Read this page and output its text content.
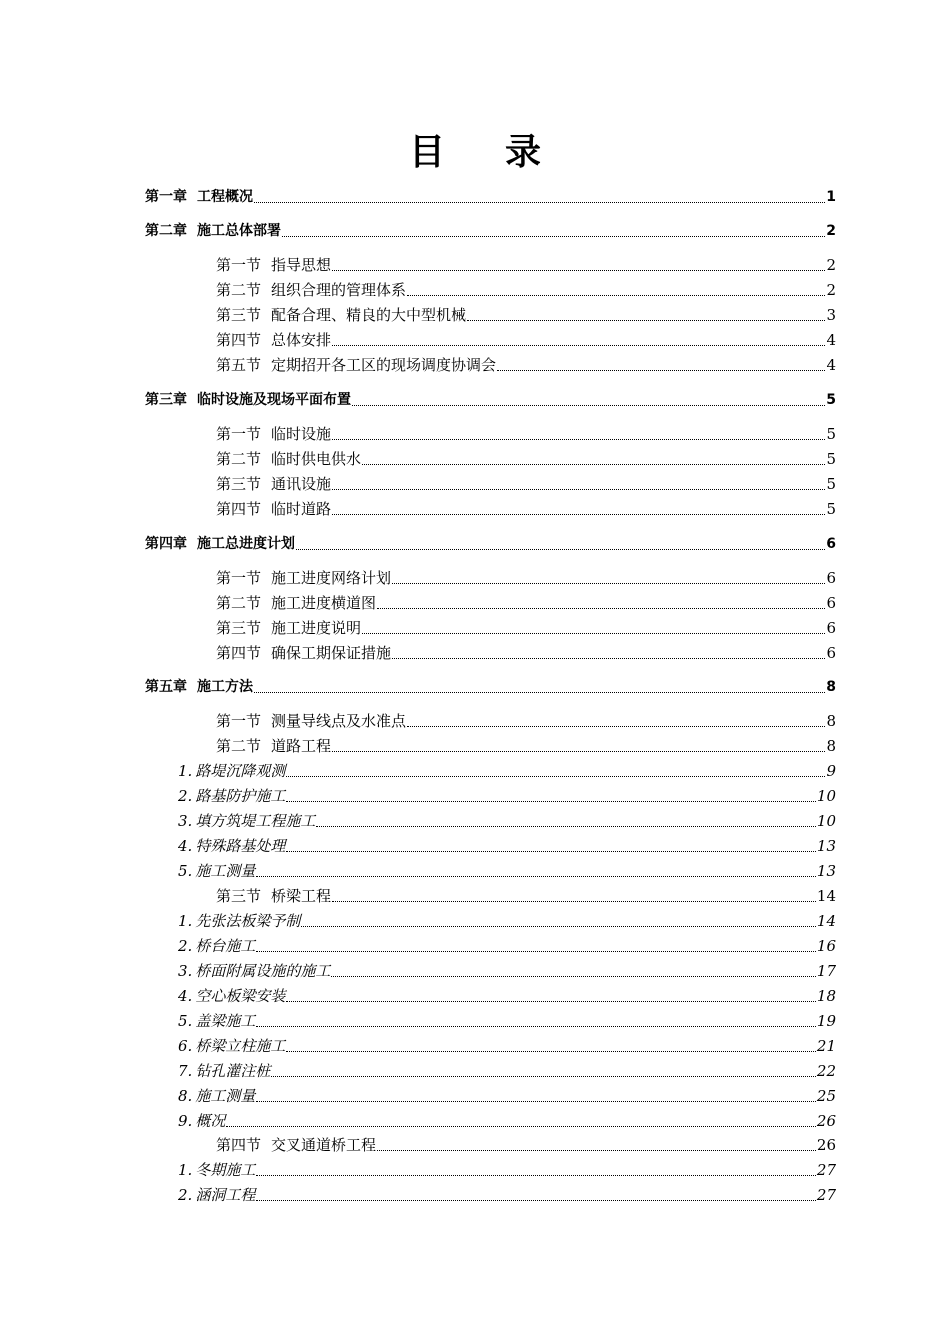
目 录
第一章 工程概况	1
第二章 施工总体部署	2
第一节 指导思想	2
第二节 组织合理的管理体系	2
第三节 配备合理、精良的大中型机械	3
第四节 总体安排	4
第五节 定期招开各工区的现场调度协调会	4
第三章 临时设施及现场平面布置	5
第一节 临时设施	5
第二节 临时供电供水	5
第三节 通讯设施	5
第四节 临时道路	5
第四章 施工总进度计划	6
第一节 施工进度网络计划	6
第二节 施工进度横道图	6
第三节 施工进度说明	6
第四节 确保工期保证措施	6
第五章 施工方法	8
第一节 测量导线点及水准点	8
第二节 道路工程	8
1. 路堤沉降观测	9
2. 路基防护施工	10
3. 填方筑堤工程施工	10
4. 特殊路基处理	13
5. 施工测量	13
第三节 桥梁工程	14
1. 先张法板梁予制	14
2. 桥台施工	16
3. 桥面附属设施的施工	17
4. 空心板梁安装	18
5. 盖梁施工	19
6. 桥梁立柱施工	21
7. 钻孔灌注桩	22
8. 施工测量	25
9. 概况	26
第四节 交叉通道桥工程	26
1. 冬期施工	27
2. 涵洞工程	27
